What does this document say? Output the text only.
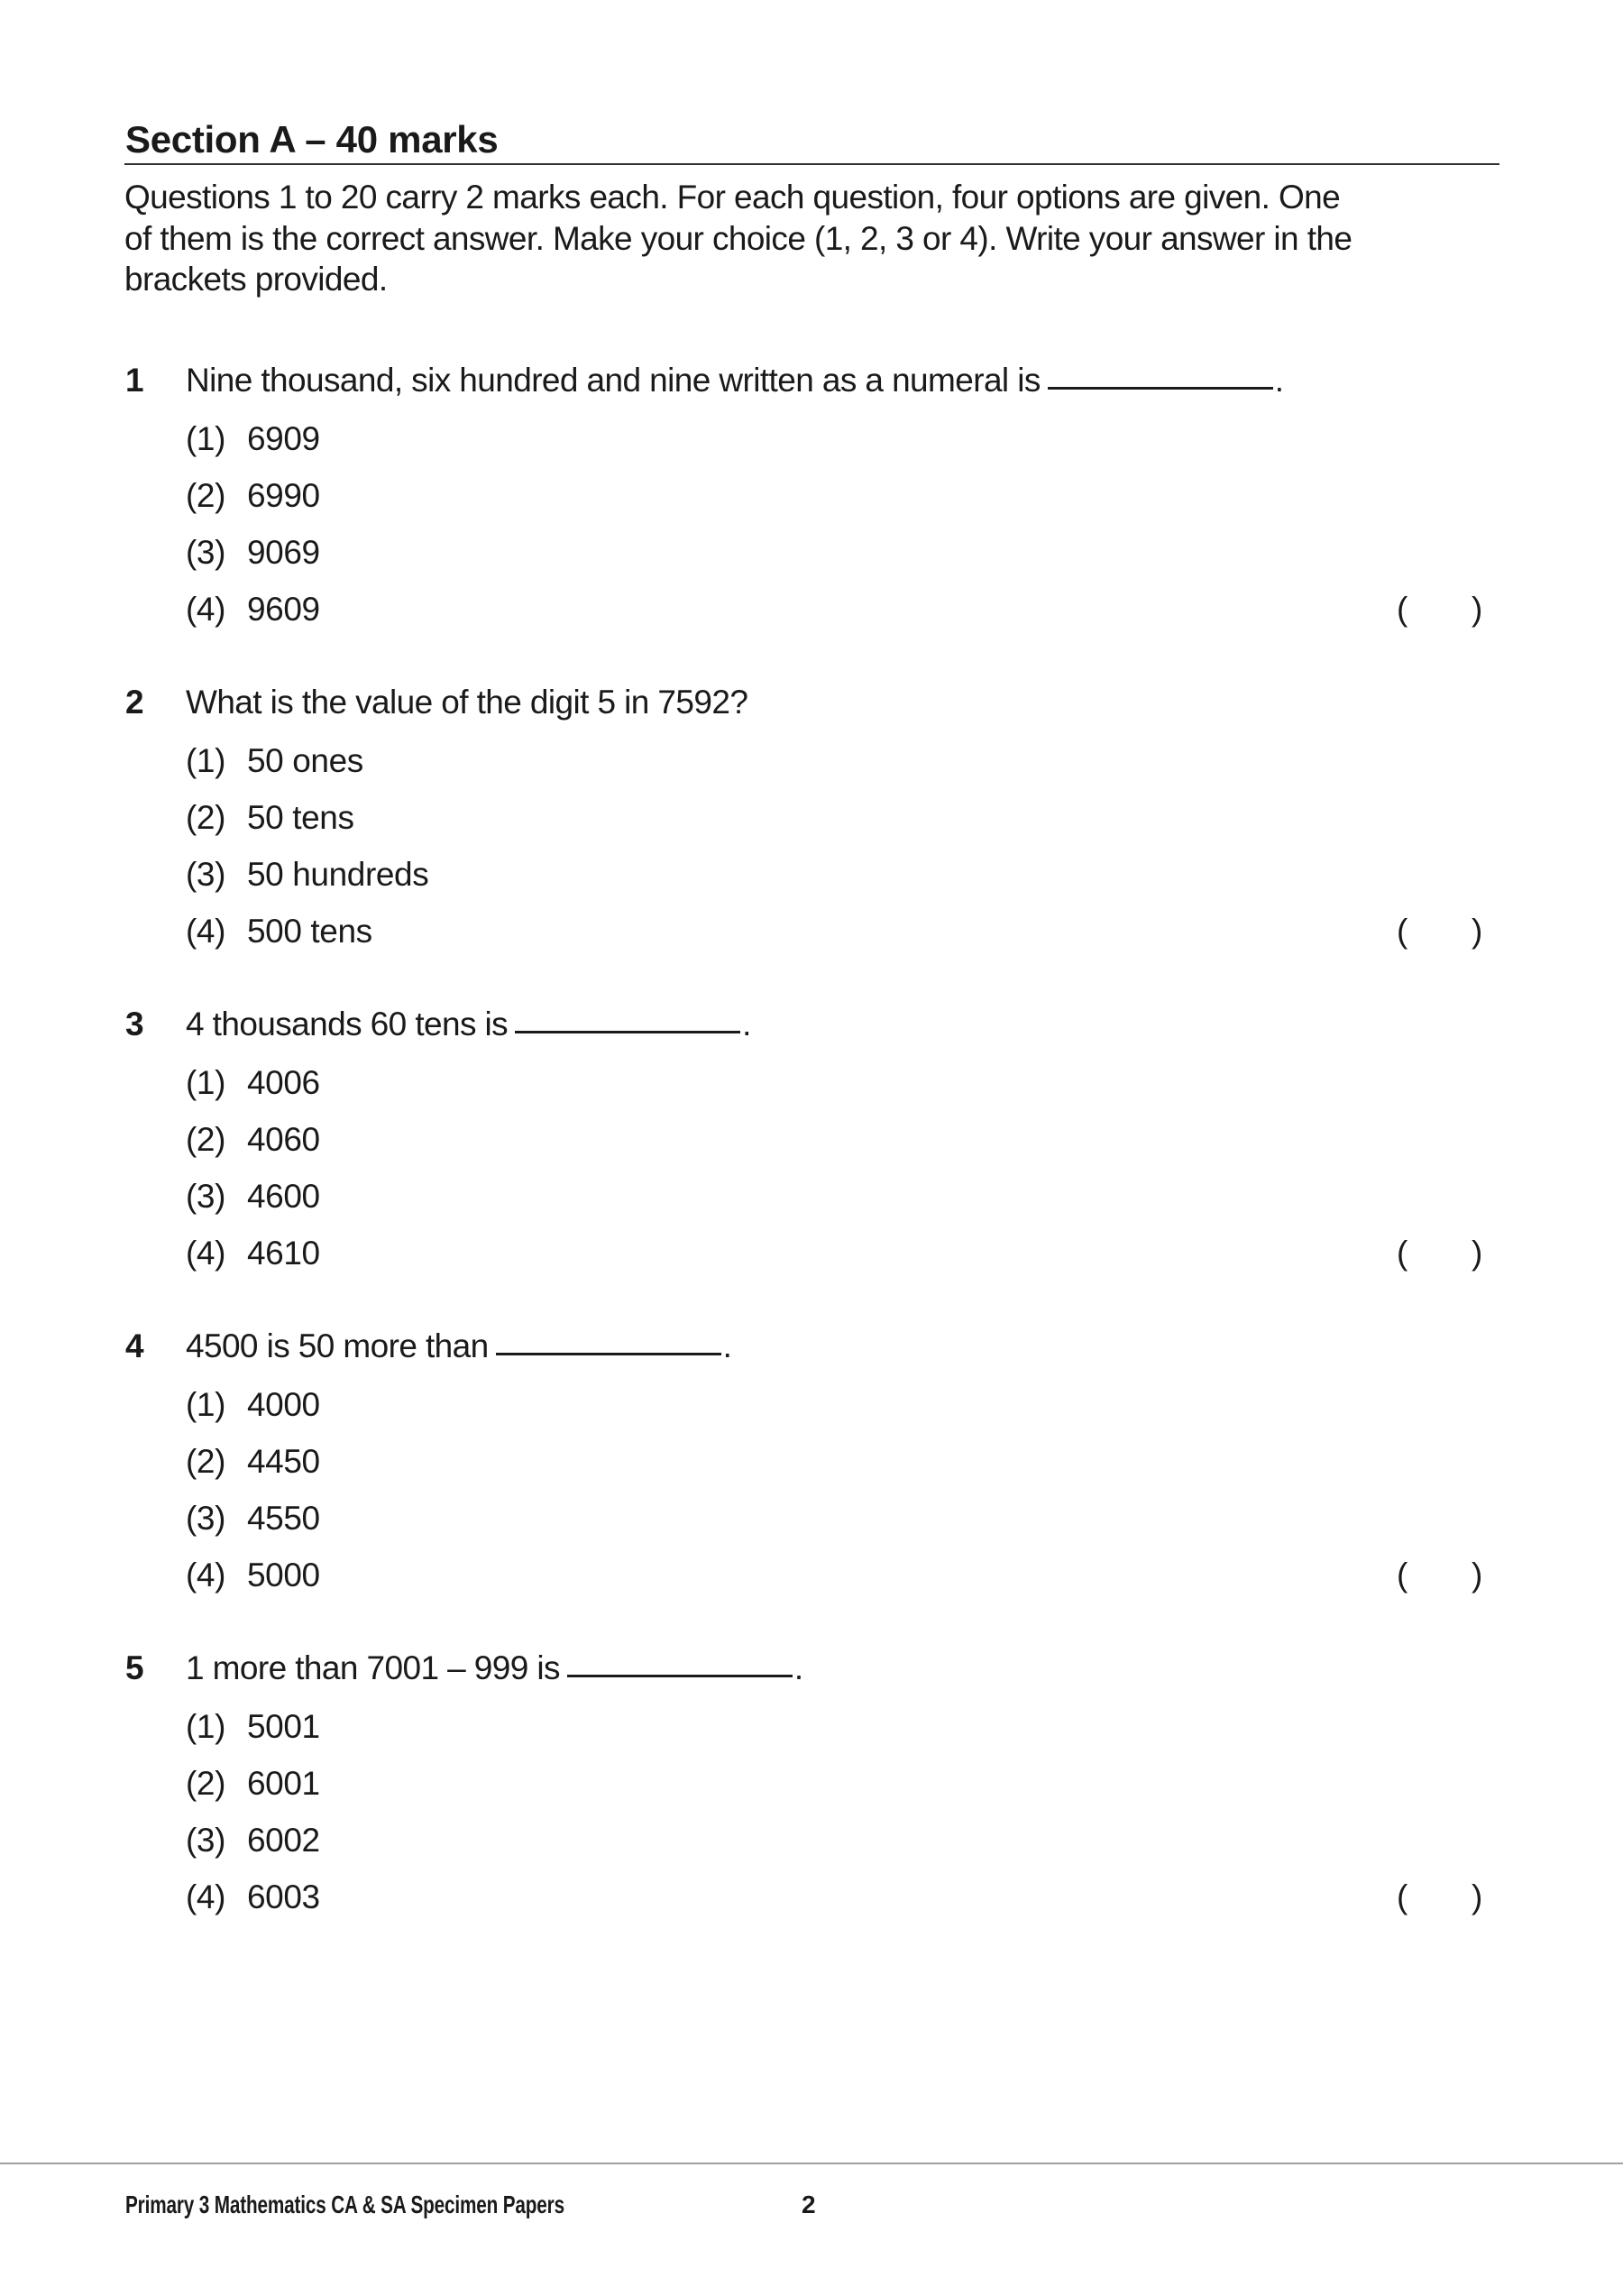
Section A – 40 marks
Questions 1 to 20 carry 2 marks each. For each question, four options are given. One
of them is the correct answer. Make your choice (1, 2, 3 or 4). Write your answer in the
brackets provided.
1 Nine thousand, six hundred and nine written as a numeral is	.
(1) 6909
(2) 6990
(3) 9069
(4) 9609	( )
2 What is the value of the digit 5 in 7592?
(1) 50 ones
(2) 50 tens
(3) 50 hundreds
(4) 500 tens	( )
3 4 thousands 60 tens is	.
(1) 4006
(2) 4060
(3) 4600
(4) 4610	( )
4 4500 is 50 more than	.
(1) 4000
(2) 4450
(3) 4550
(4) 5000	( )
5 1 more than 7001 – 999 is	.
(1) 5001
(2) 6001
(3) 6002
(4) 6003	( )
Primary 3 Mathematics CA & SA Specimen Papers	2
